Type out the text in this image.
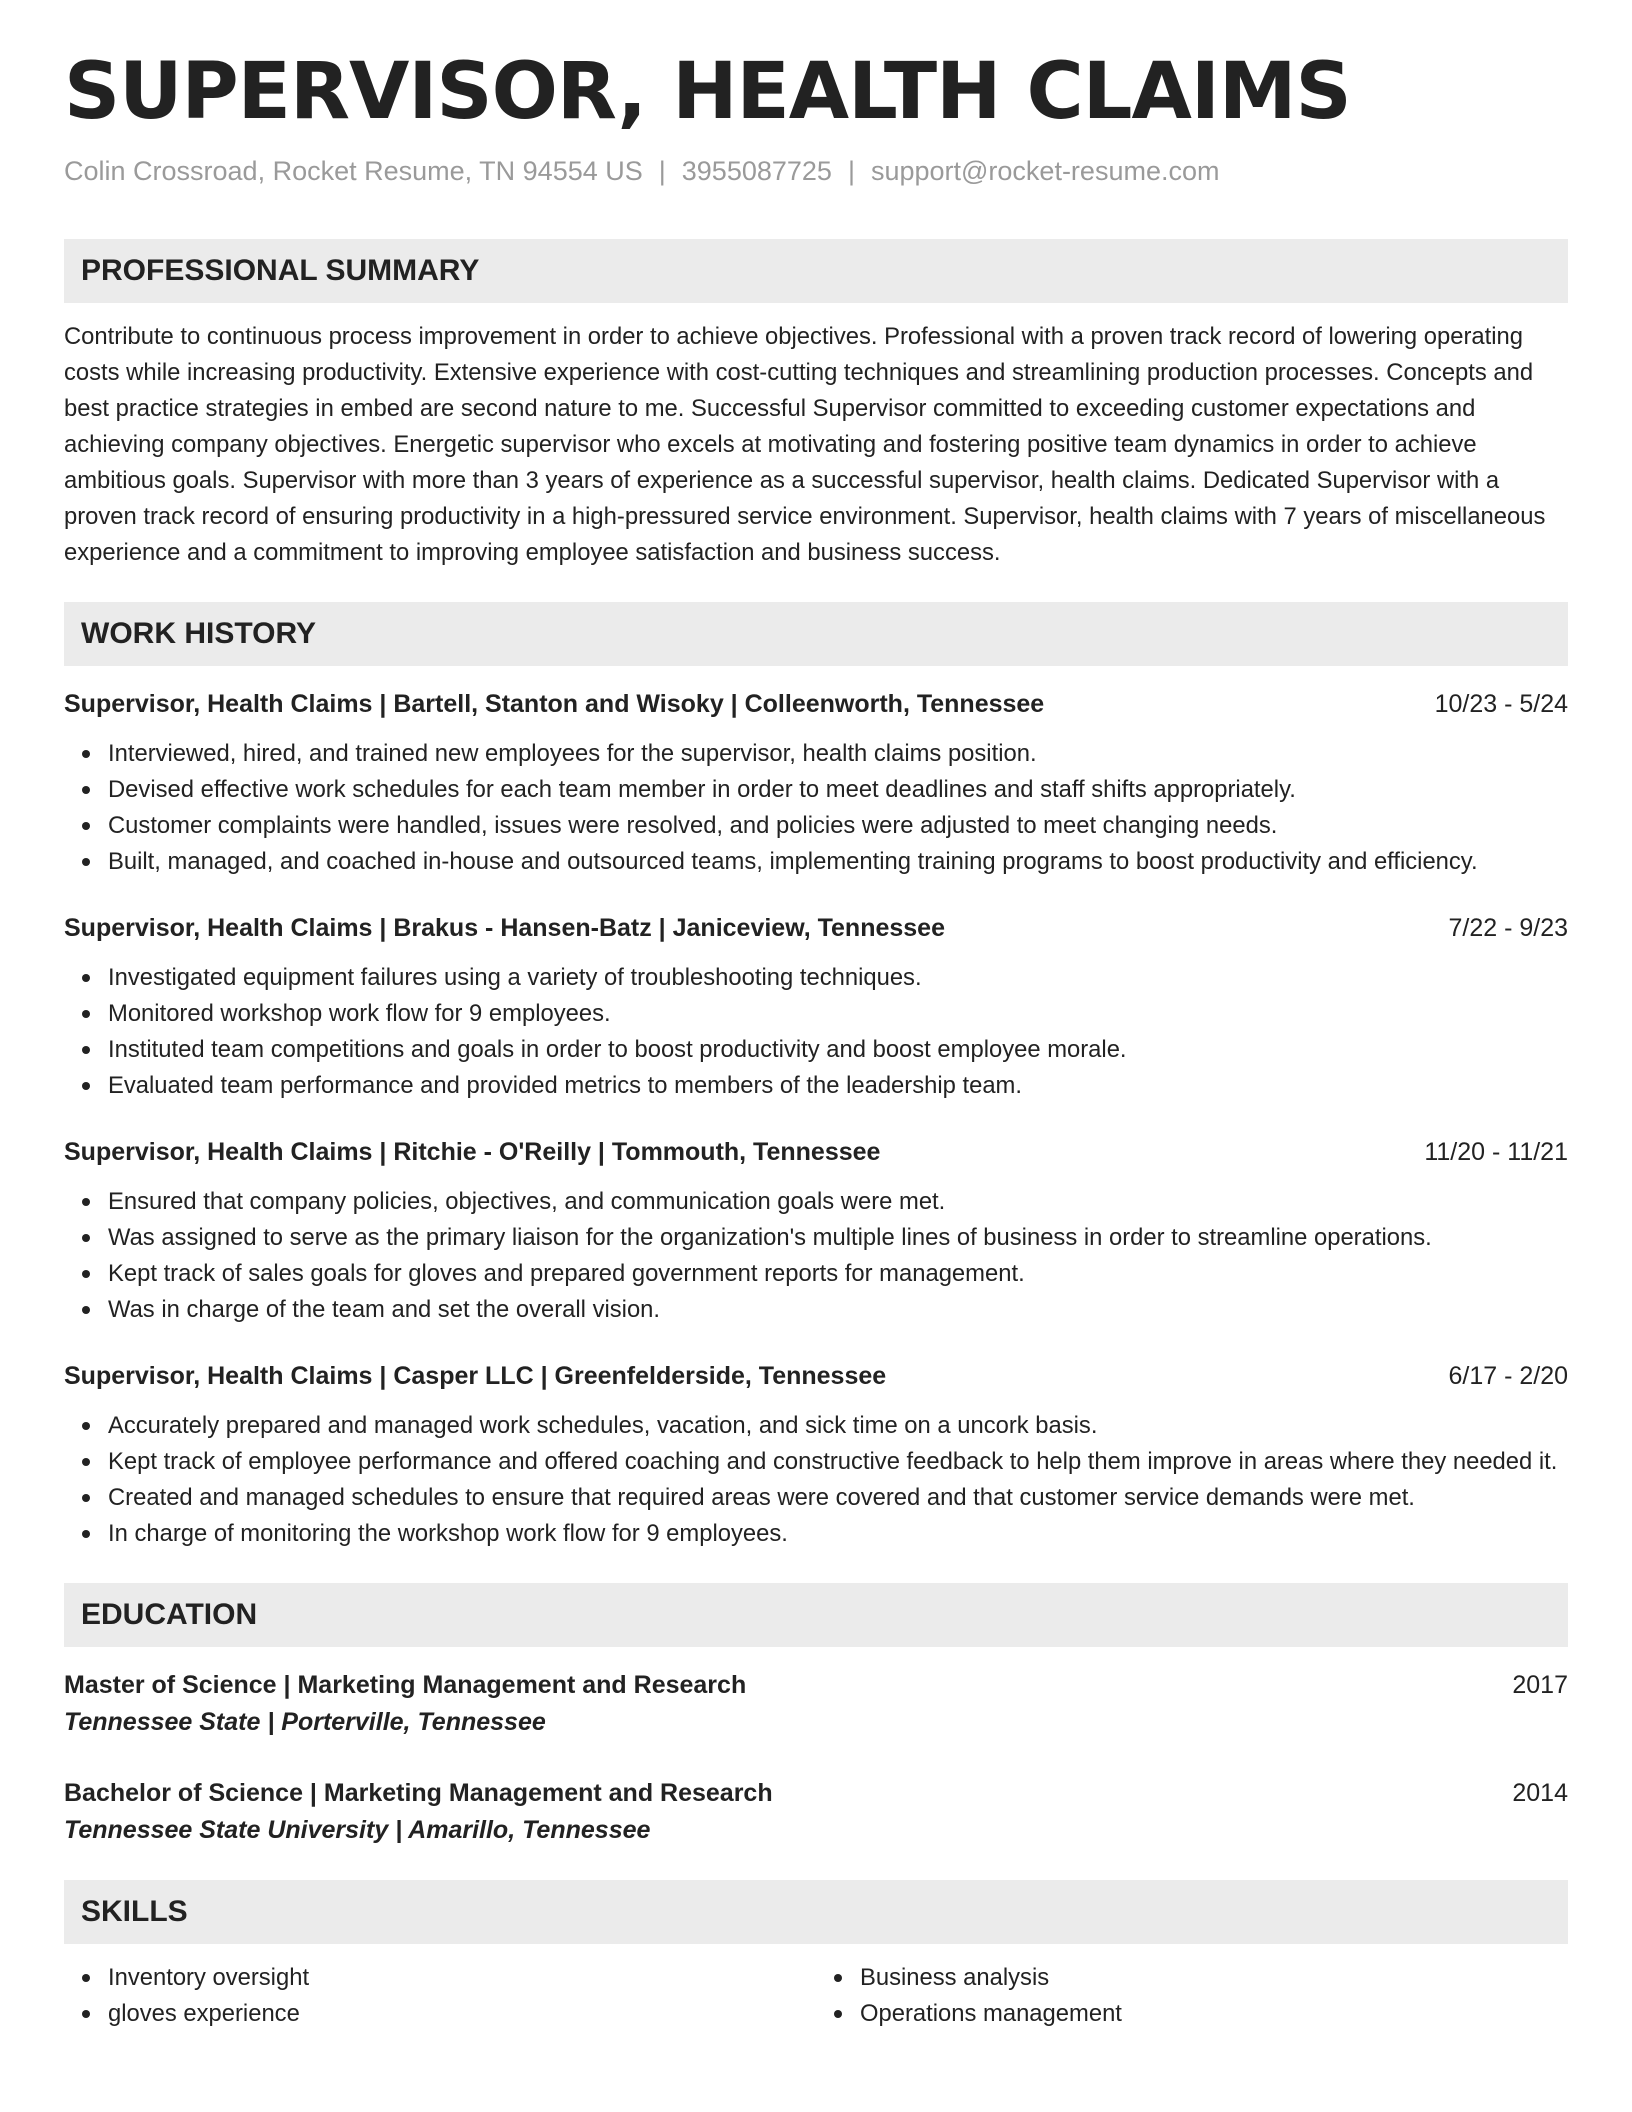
SUPERVISOR, HEALTH CLAIMS
Colin Crossroad, Rocket Resume, TN 94554 US | 3955087725 | support@rocket-resume.com
PROFESSIONAL SUMMARY

Contribute to continuous process improvement in order to achieve objectives. Professional with a proven track record of lowering operating costs while increasing productivity. Extensive experience with cost-cutting techniques and streamlining production processes. Concepts and best practice strategies in embed are second nature to me. Successful Supervisor committed to exceeding customer expectations and achieving company objectives. Energetic supervisor who excels at motivating and fostering positive team dynamics in order to achieve ambitious goals. Supervisor with more than 3 years of experience as a successful supervisor, health claims. Dedicated Supervisor with a proven track record of ensuring productivity in a high-pressured service environment. Supervisor, health claims with 7 years of miscellaneous experience and a commitment to improving employee satisfaction and business success.

WORK HISTORY
Supervisor, Health Claims | Bartell, Stanton and Wisoky | Colleenworth, Tennessee	10/23 - 5/24
Interviewed, hired, and trained new employees for the supervisor, health claims position.
Devised effective work schedules for each team member in order to meet deadlines and staff shifts appropriately.
Customer complaints were handled, issues were resolved, and policies were adjusted to meet changing needs.
Built, managed, and coached in-house and outsourced teams, implementing training programs to boost productivity and efficiency.
Supervisor, Health Claims | Brakus - Hansen-Batz | Janiceview, Tennessee	7/22 - 9/23
Investigated equipment failures using a variety of troubleshooting techniques.
Monitored workshop work flow for 9 employees.
Instituted team competitions and goals in order to boost productivity and boost employee morale.
Evaluated team performance and provided metrics to members of the leadership team.
Supervisor, Health Claims | Ritchie - O'Reilly | Tommouth, Tennessee	11/20 - 11/21
Ensured that company policies, objectives, and communication goals were met.
Was assigned to serve as the primary liaison for the organization's multiple lines of business in order to streamline operations.
Kept track of sales goals for gloves and prepared government reports for management.
Was in charge of the team and set the overall vision.
Supervisor, Health Claims | Casper LLC | Greenfelderside, Tennessee	6/17 - 2/20
Accurately prepared and managed work schedules, vacation, and sick time on a uncork basis.
Kept track of employee performance and offered coaching and constructive feedback to help them improve in areas where they needed it.
Created and managed schedules to ensure that required areas were covered and that customer service demands were met.
In charge of monitoring the workshop work flow for 9 employees.
EDUCATION
Master of Science | Marketing Management and Research	2017
Tennessee State | Porterville, Tennessee
Bachelor of Science | Marketing Management and Research	2014
Tennessee State University | Amarillo, Tennessee
SKILLS
Inventory oversight
gloves experience
Business analysis
Operations management
